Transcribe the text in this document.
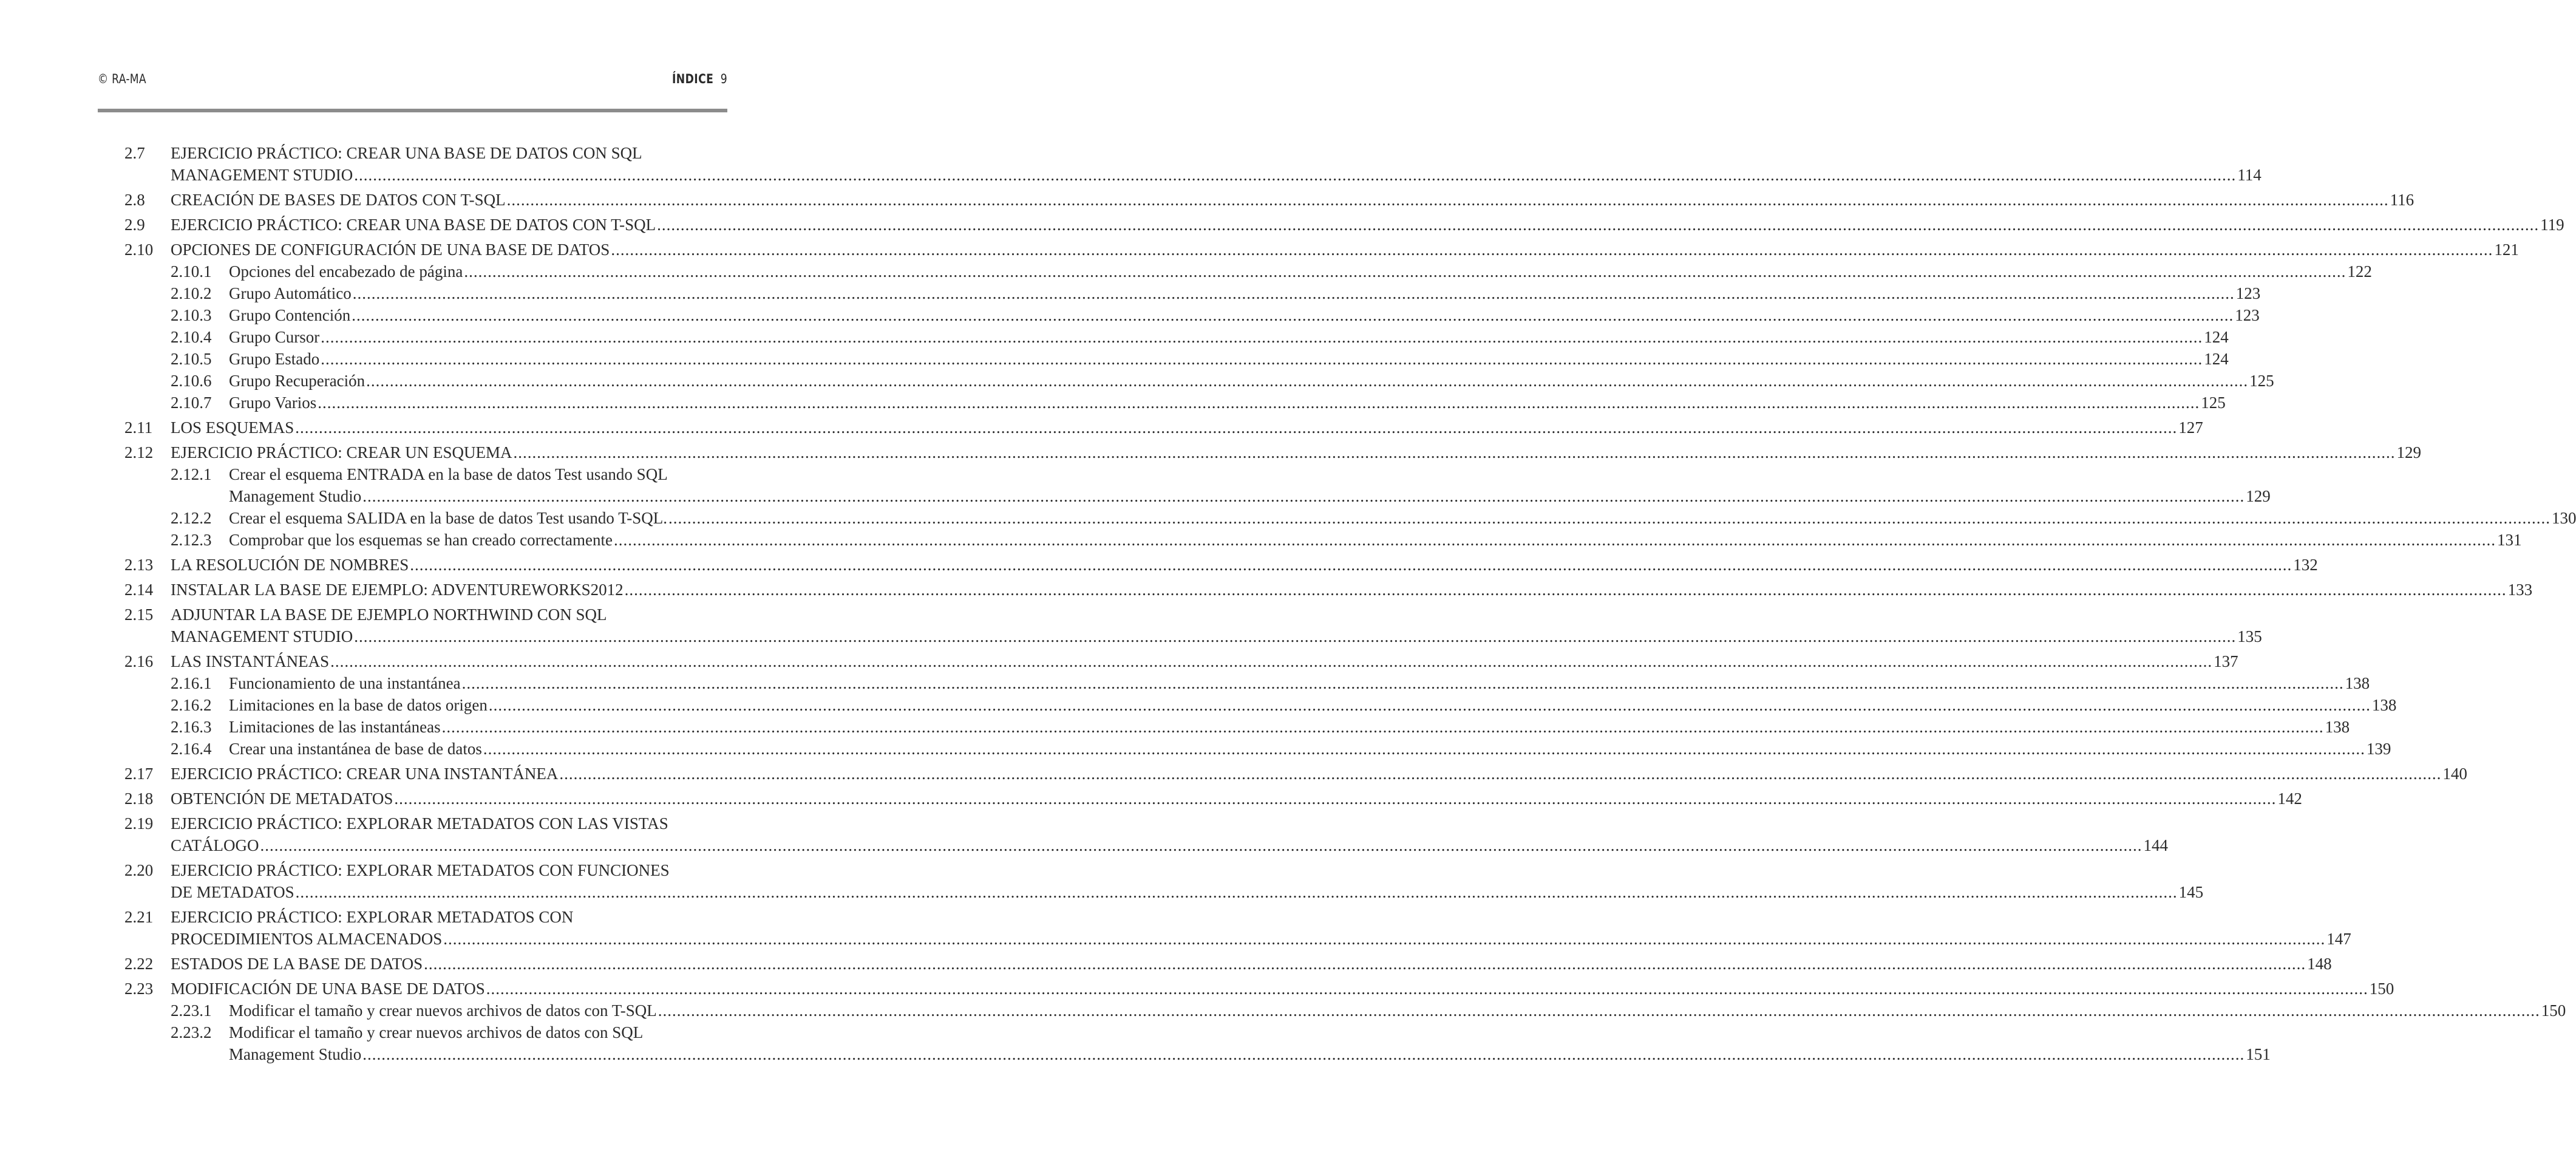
© RA-MA	ÍNDICE 9
2.7 EJERCICIO PRÁCTICO: CREAR UNA BASE DE DATOS CON SQL
MANAGEMENT STUDIO ................................................................................................................................................................................................................................................................................................................................................................................................................ 114
2.8 CREACIÓN DE BASES DE DATOS CON T-SQL ................................................................................................................................................................................................................................................................................................................................................................................................................ 116
2.9 EJERCICIO PRÁCTICO: CREAR UNA BASE DE DATOS CON T-SQL ................................................................................................................................................................................................................................................................................................................................................................................................................ 119
2.10 OPCIONES DE CONFIGURACIÓN DE UNA BASE DE DATOS ................................................................................................................................................................................................................................................................................................................................................................................................................ 121
2.10.1 Opciones del encabezado de página ................................................................................................................................................................................................................................................................................................................................................................................................................ 122
2.10.2 Grupo Automático ................................................................................................................................................................................................................................................................................................................................................................................................................ 123
2.10.3 Grupo Contención ................................................................................................................................................................................................................................................................................................................................................................................................................ 123
2.10.4 Grupo Cursor ................................................................................................................................................................................................................................................................................................................................................................................................................ 124
2.10.5 Grupo Estado ................................................................................................................................................................................................................................................................................................................................................................................................................ 124
2.10.6 Grupo Recuperación ................................................................................................................................................................................................................................................................................................................................................................................................................ 125
2.10.7 Grupo Varios ................................................................................................................................................................................................................................................................................................................................................................................................................ 125
2.11 LOS ESQUEMAS ................................................................................................................................................................................................................................................................................................................................................................................................................ 127
2.12 EJERCICIO PRÁCTICO: CREAR UN ESQUEMA ................................................................................................................................................................................................................................................................................................................................................................................................................ 129
2.12.1 Crear el esquema ENTRADA en la base de datos Test usando SQL
Management Studio ................................................................................................................................................................................................................................................................................................................................................................................................................ 129
2.12.2 Crear el esquema SALIDA en la base de datos Test usando T-SQL. ................................................................................................................................................................................................................................................................................................................................................................................................................ 130
2.12.3 Comprobar que los esquemas se han creado correctamente ................................................................................................................................................................................................................................................................................................................................................................................................................ 131
2.13 LA RESOLUCIÓN DE NOMBRES ................................................................................................................................................................................................................................................................................................................................................................................................................ 132
2.14 INSTALAR LA BASE DE EJEMPLO: ADVENTUREWORKS2012 ................................................................................................................................................................................................................................................................................................................................................................................................................ 133
2.15 ADJUNTAR LA BASE DE EJEMPLO NORTHWIND CON SQL
MANAGEMENT STUDIO ................................................................................................................................................................................................................................................................................................................................................................................................................ 135
2.16 LAS INSTANTÁNEAS ................................................................................................................................................................................................................................................................................................................................................................................................................ 137
2.16.1 Funcionamiento de una instantánea ................................................................................................................................................................................................................................................................................................................................................................................................................ 138
2.16.2 Limitaciones en la base de datos origen ................................................................................................................................................................................................................................................................................................................................................................................................................ 138
2.16.3 Limitaciones de las instantáneas ................................................................................................................................................................................................................................................................................................................................................................................................................ 138
2.16.4 Crear una instantánea de base de datos ................................................................................................................................................................................................................................................................................................................................................................................................................ 139
2.17 EJERCICIO PRÁCTICO: CREAR UNA INSTANTÁNEA ................................................................................................................................................................................................................................................................................................................................................................................................................ 140
2.18 OBTENCIÓN DE METADATOS ................................................................................................................................................................................................................................................................................................................................................................................................................ 142
2.19 EJERCICIO PRÁCTICO: EXPLORAR METADATOS CON LAS VISTAS
CATÁLOGO ................................................................................................................................................................................................................................................................................................................................................................................................................ 144
2.20 EJERCICIO PRÁCTICO: EXPLORAR METADATOS CON FUNCIONES
DE METADATOS ................................................................................................................................................................................................................................................................................................................................................................................................................ 145
2.21 EJERCICIO PRÁCTICO: EXPLORAR METADATOS CON
PROCEDIMIENTOS ALMACENADOS ................................................................................................................................................................................................................................................................................................................................................................................................................ 147
2.22 ESTADOS DE LA BASE DE DATOS ................................................................................................................................................................................................................................................................................................................................................................................................................ 148
2.23 MODIFICACIÓN DE UNA BASE DE DATOS ................................................................................................................................................................................................................................................................................................................................................................................................................ 150
2.23.1 Modificar el tamaño y crear nuevos archivos de datos con T-SQL ................................................................................................................................................................................................................................................................................................................................................................................................................ 150
2.23.2 Modificar el tamaño y crear nuevos archivos de datos con SQL
Management Studio ................................................................................................................................................................................................................................................................................................................................................................................................................ 151
